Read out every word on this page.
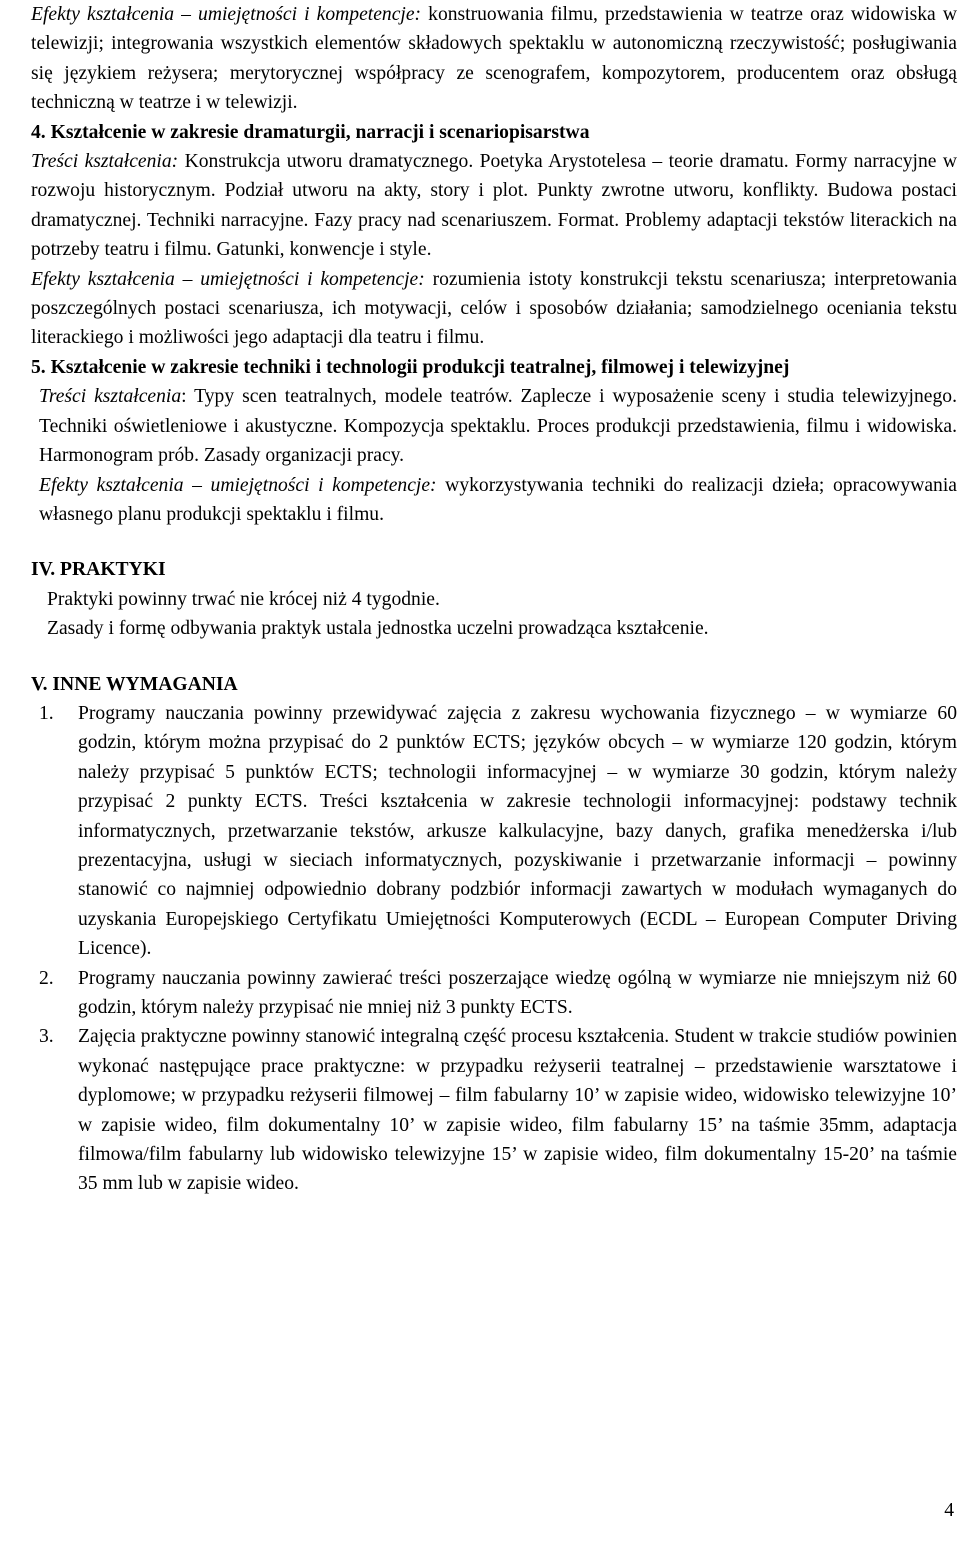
Efekty kształcenia – umiejętności i kompetencje: konstruowania filmu, przedstawienia w teatrze oraz widowiska w telewizji; integrowania wszystkich elementów składowych spektaklu w autonomiczną rzeczywistość; posługiwania się językiem reżysera; merytorycznej współpracy ze scenografem, kompozytorem, producentem oraz obsługą techniczną w teatrze i w telewizji.

4. Kształcenie w zakresie dramaturgii, narracji i scenariopisarstwa

Treści kształcenia: Konstrukcja utworu dramatycznego. Poetyka Arystotelesa – teorie dramatu. Formy narracyjne w rozwoju historycznym. Podział utworu na akty, story i plot. Punkty zwrotne utworu, konflikty. Budowa postaci dramatycznej. Techniki narracyjne. Fazy pracy nad scenariuszem. Format. Problemy adaptacji tekstów literackich na potrzeby teatru i filmu. Gatunki, konwencje i style.

Efekty kształcenia – umiejętności i kompetencje: rozumienia istoty konstrukcji tekstu scenariusza; interpretowania poszczególnych postaci scenariusza, ich motywacji, celów i sposobów działania; samodzielnego oceniania tekstu literackiego i możliwości jego adaptacji dla teatru i filmu.

5. Kształcenie w zakresie techniki i technologii produkcji teatralnej, filmowej i telewizyjnej

Treści kształcenia: Typy scen teatralnych, modele teatrów. Zaplecze i wyposażenie sceny i studia telewizyjnego. Techniki oświetleniowe i akustyczne. Kompozycja spektaklu. Proces produkcji przedstawienia, filmu i widowiska. Harmonogram prób. Zasady organizacji pracy.

Efekty kształcenia – umiejętności i kompetencje: wykorzystywania techniki do realizacji dzieła; opracowywania własnego planu produkcji spektaklu i filmu.

IV. PRAKTYKI

Praktyki powinny trwać nie krócej niż 4 tygodnie.

Zasady i formę odbywania praktyk ustala jednostka uczelni prowadząca kształcenie.

V. INNE WYMAGANIA

1. Programy nauczania powinny przewidywać zajęcia z zakresu wychowania fizycznego – w wymiarze 60 godzin, którym można przypisać do 2 punktów ECTS; języków obcych – w wymiarze 120 godzin, którym należy przypisać 5 punktów ECTS; technologii informacyjnej – w wymiarze 30 godzin, którym należy przypisać 2 punkty ECTS. Treści kształcenia w zakresie technologii informacyjnej: podstawy technik informatycznych, przetwarzanie tekstów, arkusze kalkulacyjne, bazy danych, grafika menedżerska i/lub prezentacyjna, usługi w sieciach informatycznych, pozyskiwanie i przetwarzanie informacji – powinny stanowić co najmniej odpowiednio dobrany podzbiór informacji zawartych w modułach wymaganych do uzyskania Europejskiego Certyfikatu Umiejętności Komputerowych (ECDL – European Computer Driving Licence).

2. Programy nauczania powinny zawierać treści poszerzające wiedzę ogólną w wymiarze nie mniejszym niż 60 godzin, którym należy przypisać nie mniej niż 3 punkty ECTS.

3. Zajęcia praktyczne powinny stanowić integralną część procesu kształcenia. Student w trakcie studiów powinien wykonać następujące prace praktyczne: w przypadku reżyserii teatralnej – przedstawienie warsztatowe i dyplomowe; w przypadku reżyserii filmowej – film fabularny 10’ w zapisie wideo, widowisko telewizyjne 10’ w zapisie wideo, film dokumentalny 10’ w zapisie wideo, film fabularny 15’ na taśmie 35mm, adaptacja filmowa/film fabularny lub widowisko telewizyjne 15’ w zapisie wideo, film dokumentalny 15-20’ na taśmie 35 mm lub w zapisie wideo.

4
